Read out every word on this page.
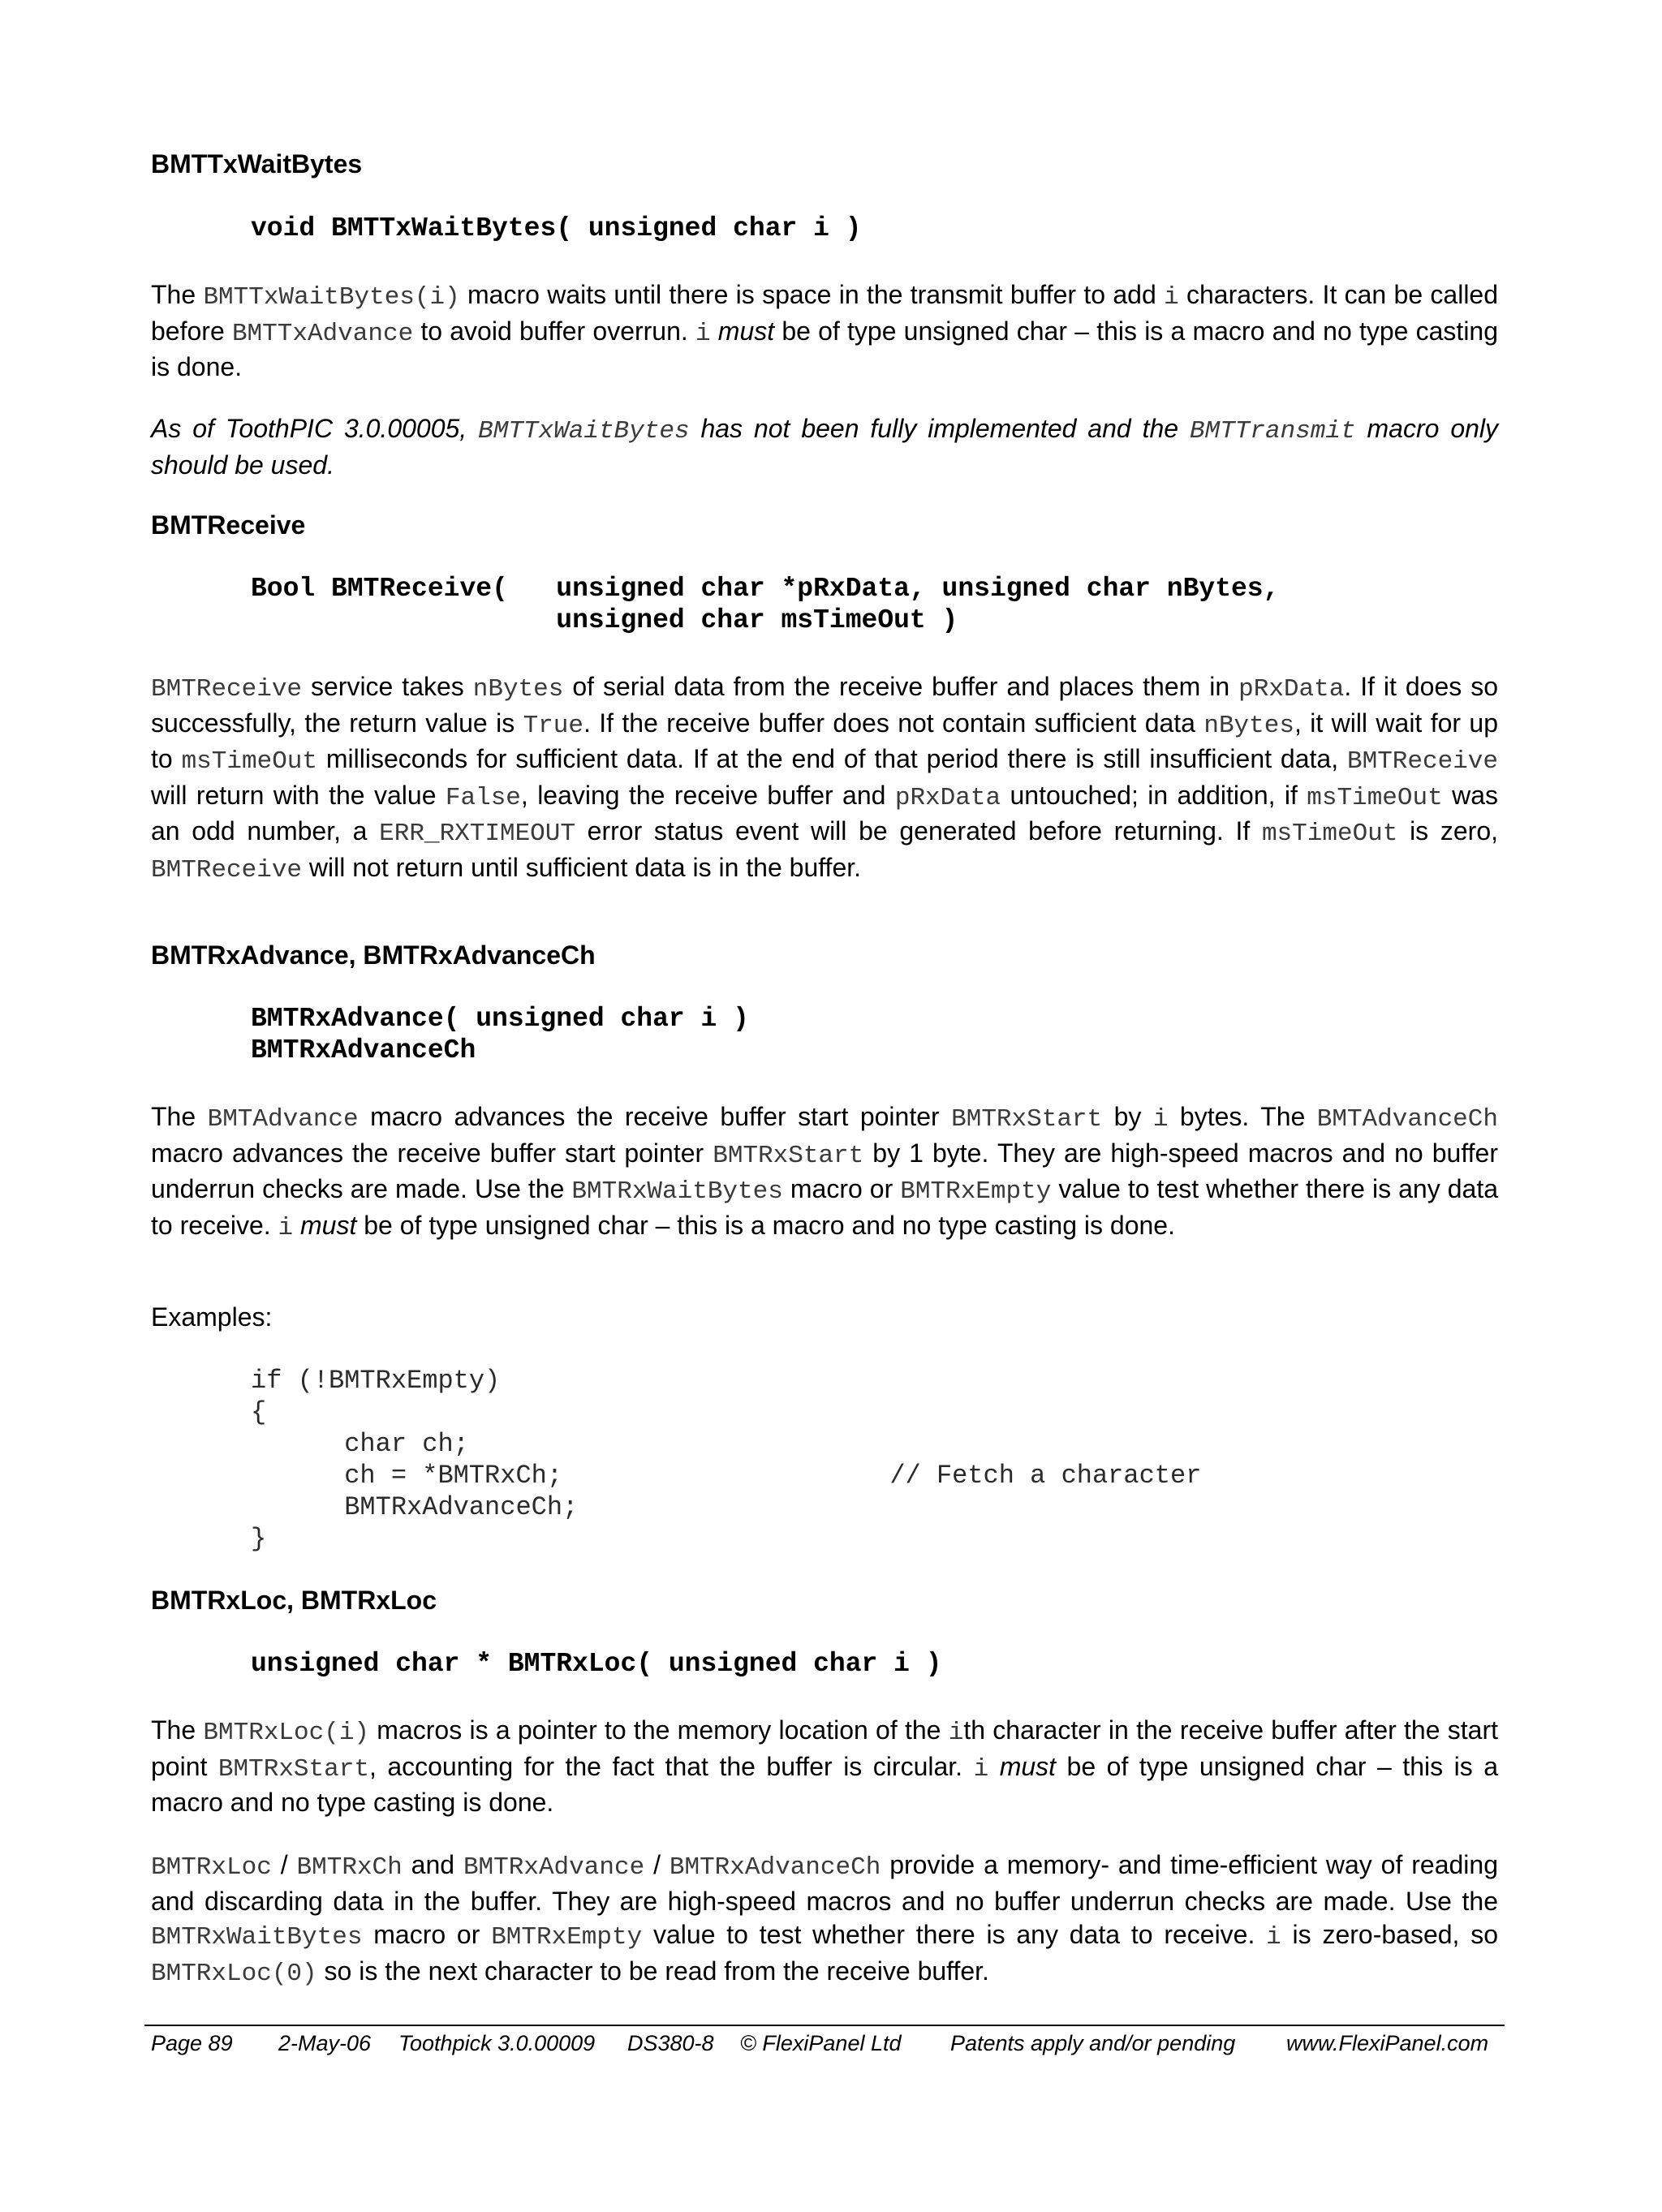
BMTTxWaitBytes
void BMTTxWaitBytes( unsigned char i )

The BMTTxWaitBytes(i) macro waits until there is space in the transmit buffer to add i characters. It can be called before BMTTxAdvance to avoid buffer overrun. i must be of type unsigned char – this is a macro and no type casting is done.

As of ToothPIC 3.0.00005, BMTTxWaitBytes has not been fully implemented and the BMTTransmit macro only should be used.

BMTReceive
Bool BMTReceive(   unsigned char *pRxData, unsigned char nBytes,
unsigned char msTimeOut )

BMTReceive service takes nBytes of serial data from the receive buffer and places them in pRxData. If it does so successfully, the return value is True. If the receive buffer does not contain sufficient data nBytes, it will wait for up to msTimeOut milliseconds for sufficient data. If at the end of that period there is still insufficient data, BMTReceive will return with the value False, leaving the receive buffer and pRxData untouched; in addition, if msTimeOut was an odd number, a ERR_RXTIMEOUT error status event will be generated before returning. If msTimeOut is zero, BMTReceive will not return until sufficient data is in the buffer.

BMTRxAdvance, BMTRxAdvanceCh
BMTRxAdvance( unsigned char i )
BMTRxAdvanceCh

The BMTAdvance macro advances the receive buffer start pointer BMTRxStart by i bytes. The BMTAdvanceCh macro advances the receive buffer start pointer BMTRxStart by 1 byte. They are high-speed macros and no buffer underrun checks are made. Use the BMTRxWaitBytes macro or BMTRxEmpty value to test whether there is any data to receive. i must be of type unsigned char – this is a macro and no type casting is done.

Examples:

if (!BMTRxEmpty)
{
char ch;
ch = *BMTRxCh;                     // Fetch a character
BMTRxAdvanceCh;
}
BMTRxLoc, BMTRxLoc
unsigned char * BMTRxLoc( unsigned char i )

The BMTRxLoc(i) macros is a pointer to the memory location of the ith character in the receive buffer after the start point BMTRxStart, accounting for the fact that the buffer is circular. i must be of type unsigned char – this is a macro and no type casting is done.

BMTRxLoc / BMTRxCh and BMTRxAdvance / BMTRxAdvanceCh provide a memory- and time-efficient way of reading and discarding data in the buffer. They are high-speed macros and no buffer underrun checks are made. Use the BMTRxWaitBytes macro or BMTRxEmpty value to test whether there is any data to receive. i is zero-based, so BMTRxLoc(0) so is the next character to be read from the receive buffer.

Page 89 2-May-06 Toothpick 3.0.00009 DS380-8 © FlexiPanel Ltd Patents apply and/or pending www.FlexiPanel.com
